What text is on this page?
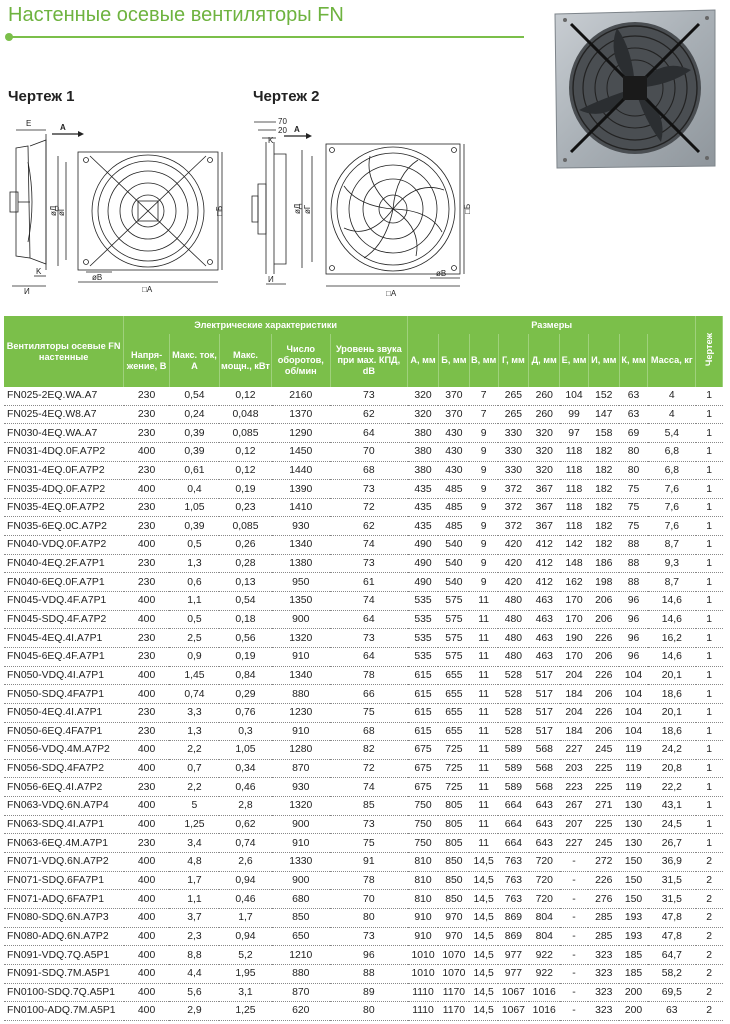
Настенные осевые вентиляторы FN
Чертеж 1	Чертеж 2
E	A
K
И	□A
øB
□Б
øД øГ
70
20
K
A
И
□A
øB
□Б
øД øГ
Вентиляторы осевые FN настенные	Электрические характеристики					Размеры									Чертеж
	Напря-жение, В	Макс. ток, А	Макс. мощн., кВт	Число оборотов, об/мин	Уровень звука при мах. КПД, dB	А, мм	Б, мм	В, мм	Г, мм	Д, мм	Е, мм	И, мм	К, мм	Масса, кг	
FN025-2EQ.WA.A7	230	0,54	0,12	2160	73	320	370	7	265	260	104	152	63	4	1
FN025-4EQ.W8.A7	230	0,24	0,048	1370	62	320	370	7	265	260	99	147	63	4	1
FN030-4EQ.WA.A7	230	0,39	0,085	1290	64	380	430	9	330	320	97	158	69	5,4	1
FN031-4DQ.0F.A7P2	400	0,39	0,12	1450	70	380	430	9	330	320	118	182	80	6,8	1
FN031-4EQ.0F.A7P2	230	0,61	0,12	1440	68	380	430	9	330	320	118	182	80	6,8	1
FN035-4DQ.0F.A7P2	400	0,4	0,19	1390	73	435	485	9	372	367	118	182	75	7,6	1
FN035-4EQ.0F.A7P2	230	1,05	0,23	1410	72	435	485	9	372	367	118	182	75	7,6	1
FN035-6EQ.0C.A7P2	230	0,39	0,085	930	62	435	485	9	372	367	118	182	75	7,6	1
FN040-VDQ.0F.A7P2	400	0,5	0,26	1340	74	490	540	9	420	412	142	182	88	8,7	1
FN040-4EQ.2F.A7P1	230	1,3	0,28	1380	73	490	540	9	420	412	148	186	88	9,3	1
FN040-6EQ.0F.A7P1	230	0,6	0,13	950	61	490	540	9	420	412	162	198	88	8,7	1
FN045-VDQ.4F.A7P1	400	1,1	0,54	1350	74	535	575	11	480	463	170	206	96	14,6	1
FN045-SDQ.4F.A7P2	400	0,5	0,18	900	64	535	575	11	480	463	170	206	96	14,6	1
FN045-4EQ.4I.A7P1	230	2,5	0,56	1320	73	535	575	11	480	463	190	226	96	16,2	1
FN045-6EQ.4F.A7P1	230	0,9	0,19	910	64	535	575	11	480	463	170	206	96	14,6	1
FN050-VDQ.4I.A7P1	400	1,45	0,84	1340	78	615	655	11	528	517	204	226	104	20,1	1
FN050-SDQ.4FA7P1	400	0,74	0,29	880	66	615	655	11	528	517	184	206	104	18,6	1
FN050-4EQ.4I.A7P1	230	3,3	0,76	1230	75	615	655	11	528	517	204	226	104	20,1	1
FN050-6EQ.4FA7P1	230	1,3	0,3	910	68	615	655	11	528	517	184	206	104	18,6	1
FN056-VDQ.4M.A7P2	400	2,2	1,05	1280	82	675	725	11	589	568	227	245	119	24,2	1
FN056-SDQ.4FA7P2	400	0,7	0,34	870	72	675	725	11	589	568	203	225	119	20,8	1
FN056-6EQ.4I.A7P2	230	2,2	0,46	930	74	675	725	11	589	568	223	225	119	22,2	1
FN063-VDQ.6N.A7P4	400	5	2,8	1320	85	750	805	11	664	643	267	271	130	43,1	1
FN063-SDQ.4I.A7P1	400	1,25	0,62	900	73	750	805	11	664	643	207	225	130	24,5	1
FN063-6EQ.4M.A7P1	230	3,4	0,74	910	75	750	805	11	664	643	227	245	130	26,7	1
FN071-VDQ.6N.A7P2	400	4,8	2,6	1330	91	810	850	14,5	763	720	-	272	150	36,9	2
FN071-SDQ.6FA7P1	400	1,7	0,94	900	78	810	850	14,5	763	720	-	226	150	31,5	2
FN071-ADQ.6FA7P1	400	1,1	0,46	680	70	810	850	14,5	763	720	-	276	150	31,5	2
FN080-SDQ.6N.A7P3	400	3,7	1,7	850	80	910	970	14,5	869	804	-	285	193	47,8	2
FN080-ADQ.6N.A7P2	400	2,3	0,94	650	73	910	970	14,5	869	804	-	285	193	47,8	2
FN091-VDQ.7Q.A5P1	400	8,8	5,2	1210	96	1010	1070	14,5	977	922	-	323	185	64,7	2
FN091-SDQ.7M.A5P1	400	4,4	1,95	880	88	1010	1070	14,5	977	922	-	323	185	58,2	2
FN0100-SDQ.7Q.A5P1	400	5,6	3,1	870	89	1110	1170	14,5	1067	1016	-	323	200	69,5	2
FN0100-ADQ.7M.A5P1	400	2,9	1,25	620	80	1110	1170	14,5	1067	1016	-	323	200	63	2
